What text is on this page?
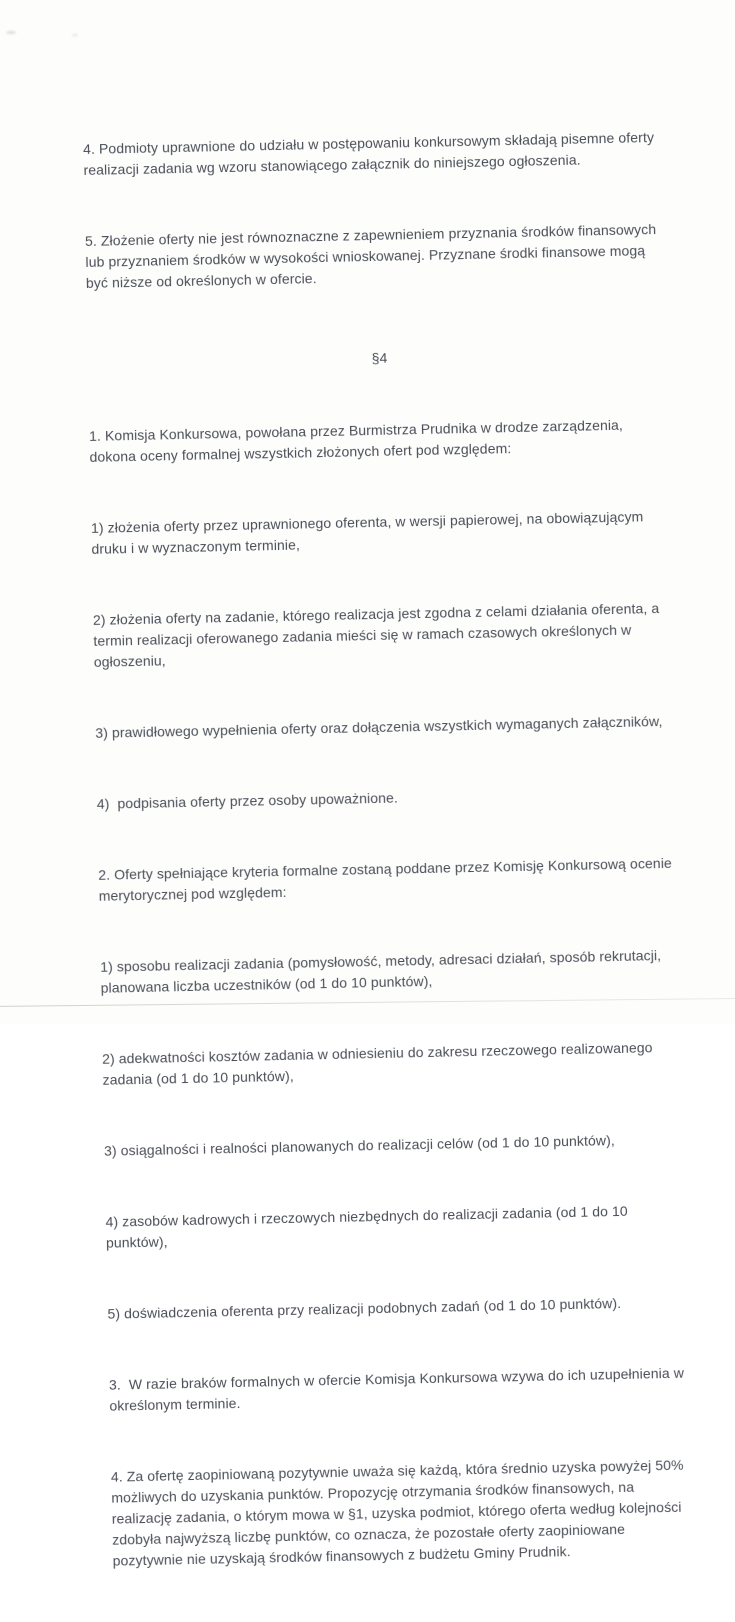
4. Podmioty uprawnione do udziału w postępowaniu konkursowym składają pisemne oferty realizacji zadania wg wzoru stanowiącego załącznik do niniejszego ogłoszenia.

5. Złożenie oferty nie jest równoznaczne z zapewnieniem przyznania środków finansowych lub przyznaniem środków w wysokości wnioskowanej. Przyznane środki finansowe mogą być niższe od określonych w ofercie.

§4

1. Komisja Konkursowa, powołana przez Burmistrza Prudnika w drodze zarządzenia, dokona oceny formalnej wszystkich złożonych ofert pod względem:

1) złożenia oferty przez uprawnionego oferenta, w wersji papierowej, na obowiązującym druku i w wyznaczonym terminie,

2) złożenia oferty na zadanie, którego realizacja jest zgodna z celami działania oferenta, a termin realizacji oferowanego zadania mieści się w ramach czasowych określonych w ogłoszeniu,

3) prawidłowego wypełnienia oferty oraz dołączenia wszystkich wymaganych załączników,

4)  podpisania oferty przez osoby upoważnione.

2. Oferty spełniające kryteria formalne zostaną poddane przez Komisję Konkursową ocenie merytorycznej pod względem:

1) sposobu realizacji zadania (pomysłowość, metody, adresaci działań, sposób rekrutacji, planowana liczba uczestników (od 1 do 10 punktów),

2) adekwatności kosztów zadania w odniesieniu do zakresu rzeczowego realizowanego zadania (od 1 do 10 punktów),

3) osiągalności i realności planowanych do realizacji celów (od 1 do 10 punktów),

4) zasobów kadrowych i rzeczowych niezbędnych do realizacji zadania (od 1 do 10 punktów),

5) doświadczenia oferenta przy realizacji podobnych zadań (od 1 do 10 punktów).

3.  W razie braków formalnych w ofercie Komisja Konkursowa wzywa do ich uzupełnienia w określonym terminie.

4. Za ofertę zaopiniowaną pozytywnie uważa się każdą, która średnio uzyska powyżej 50% możliwych do uzyskania punktów. Propozycję otrzymania środków finansowych, na realizację zadania, o którym mowa w §1, uzyska podmiot, którego oferta według kolejności zdobyła najwyższą liczbę punktów, co oznacza, że pozostałe oferty zaopiniowane pozytywnie nie uzyskają środków finansowych z budżetu Gminy Prudnik.
